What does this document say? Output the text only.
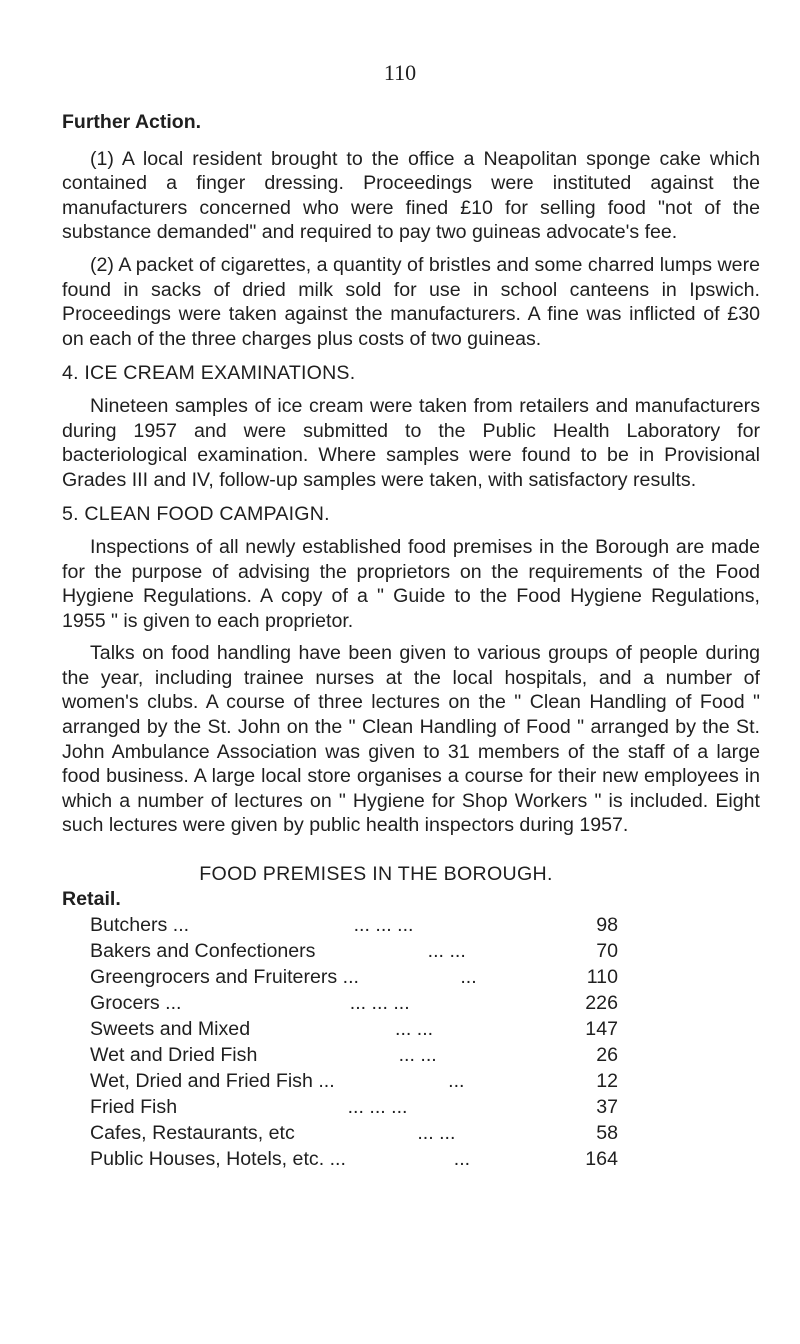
110
Further Action.

(1) A local resident brought to the office a Neapolitan sponge cake which contained a finger dressing. Proceedings were instituted against the manufacturers concerned who were fined £10 for selling food "not of the substance demanded" and required to pay two guineas advocate's fee.

(2) A packet of cigarettes, a quantity of bristles and some charred lumps were found in sacks of dried milk sold for use in school canteens in Ipswich. Proceedings were taken against the manufacturers. A fine was inflicted of £30 on each of the three charges plus costs of two guineas.

4. ICE CREAM EXAMINATIONS.

Nineteen samples of ice cream were taken from retailers and manufacturers during 1957 and were submitted to the Public Health Laboratory for bacteriological examination. Where samples were found to be in Provisional Grades III and IV, follow-up samples were taken, with satisfactory results.

5. CLEAN FOOD CAMPAIGN.

Inspections of all newly established food premises in the Borough are made for the purpose of advising the proprietors on the requirements of the Food Hygiene Regulations. A copy of a " Guide to the Food Hygiene Regulations, 1955 " is given to each proprietor.

Talks on food handling have been given to various groups of people during the year, including trainee nurses at the local hospitals, and a number of women's clubs. A course of three lectures on the " Clean Handling of Food " arranged by the St. John on the " Clean Handling of Food " arranged by the St. John Ambulance Association was given to 31 members of the staff of a large food business. A large local store organises a course for their new employees in which a number of lectures on " Hygiene for Shop Workers " is included. Eight such lectures were given by public health inspectors during 1957.

FOOD PREMISES IN THE BOROUGH.
Retail.
Butchers ...	... ... ...	98
Bakers and Confectioners	... ...	70
Greengrocers and Fruiterers ...	...	110
Grocers ...	... ... ...	226
Sweets and Mixed	... ...	147
Wet and Dried Fish	... ...	26
Wet, Dried and Fried Fish ...	...	12
Fried Fish	... ... ...	37
Cafes, Restaurants, etc	... ...	58
Public Houses, Hotels, etc. ...	...	164
